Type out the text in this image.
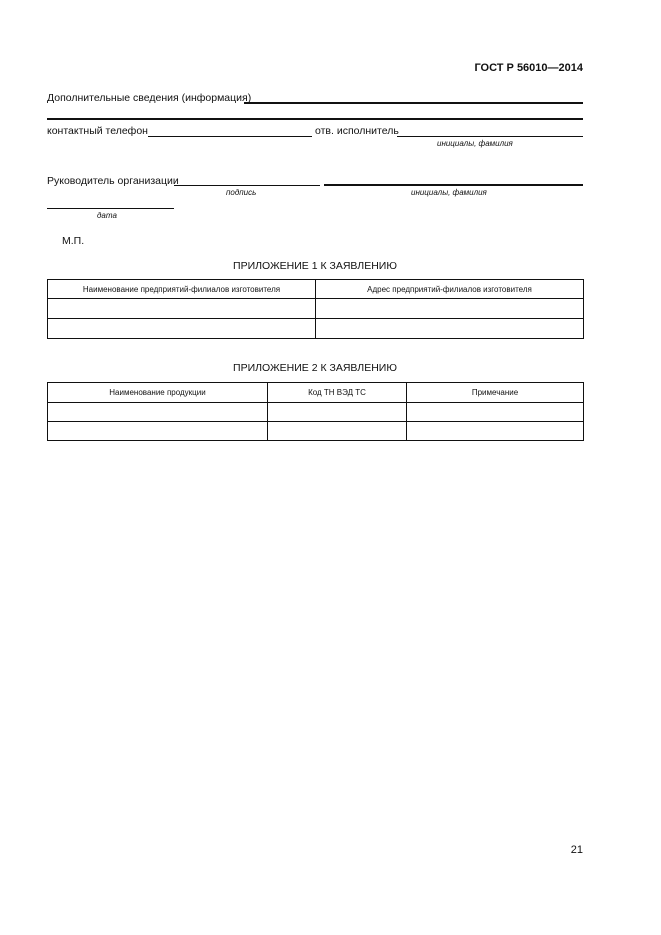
ГОСТ Р 56010—2014
Дополнительные сведения (информация)
контактный телефон	отв. исполнитель
инициалы, фамилия
Руководитель организации
подпись	инициалы, фамилия
дата
М.П.
ПРИЛОЖЕНИЕ 1 К ЗАЯВЛЕНИЮ
Наименование предприятий-филиалов изготовителя	Адрес предприятий-филиалов изготовителя

ПРИЛОЖЕНИЕ 2 К ЗАЯВЛЕНИЮ
Наименование продукции	Код ТН ВЭД ТС	Примечание

21
